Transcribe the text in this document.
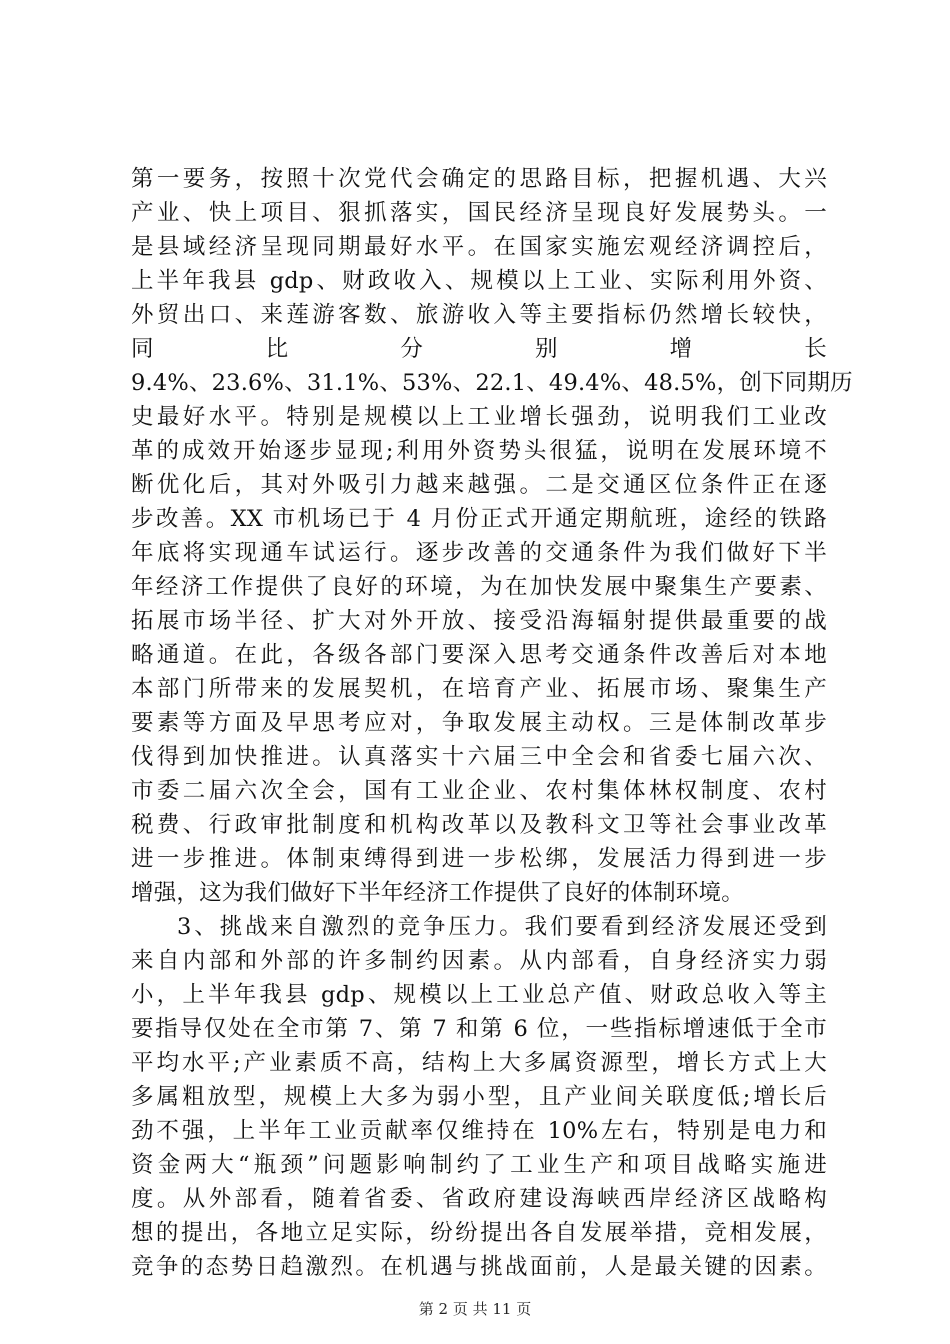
第一要务，按照十次党代会确定的思路目标，把握机遇、大兴
产业、快上项目、狠抓落实，国民经济呈现良好发展势头。一
是县域经济呈现同期最好水平。在国家实施宏观经济调控后，
上半年我县 gdp、财政收入、规模以上工业、实际利用外资、
外贸出口、来莲游客数、旅游收入等主要指标仍然增长较快，
同　　比　　分　　别　　增　　长
9.4%、23.6%、31.1%、53%、22.1、49.4%、48.5%，创下同期历
史最好水平。特别是规模以上工业增长强劲，说明我们工业改
革的成效开始逐步显现;利用外资势头很猛，说明在发展环境不
断优化后，其对外吸引力越来越强。二是交通区位条件正在逐
步改善。XX 市机场已于 4 月份正式开通定期航班，途经的铁路
年底将实现通车试运行。逐步改善的交通条件为我们做好下半
年经济工作提供了良好的环境，为在加快发展中聚集生产要素、
拓展市场半径、扩大对外开放、接受沿海辐射提供最重要的战
略通道。在此，各级各部门要深入思考交通条件改善后对本地
本部门所带来的发展契机，在培育产业、拓展市场、聚集生产
要素等方面及早思考应对，争取发展主动权。三是体制改革步
伐得到加快推进。认真落实十六届三中全会和省委七届六次、
市委二届六次全会，国有工业企业、农村集体林权制度、农村
税费、行政审批制度和机构改革以及教科文卫等社会事业改革
进一步推进。体制束缚得到进一步松绑，发展活力得到进一步
增强，这为我们做好下半年经济工作提供了良好的体制环境。
3、挑战来自激烈的竞争压力。我们要看到经济发展还受到
来自内部和外部的许多制约因素。从内部看，自身经济实力弱
小，上半年我县 gdp、规模以上工业总产值、财政总收入等主
要指导仅处在全市第 7、第 7 和第 6 位，一些指标增速低于全市
平均水平;产业素质不高，结构上大多属资源型，增长方式上大
多属粗放型，规模上大多为弱小型，且产业间关联度低;增长后
劲不强，上半年工业贡献率仅维持在 10%左右，特别是电力和
资金两大“瓶颈”问题影响制约了工业生产和项目战略实施进
度。从外部看，随着省委、省政府建设海峡西岸经济区战略构
想的提出，各地立足实际，纷纷提出各自发展举措，竞相发展，
竞争的态势日趋激烈。在机遇与挑战面前，人是最关键的因素。
第 2 页 共 11 页
